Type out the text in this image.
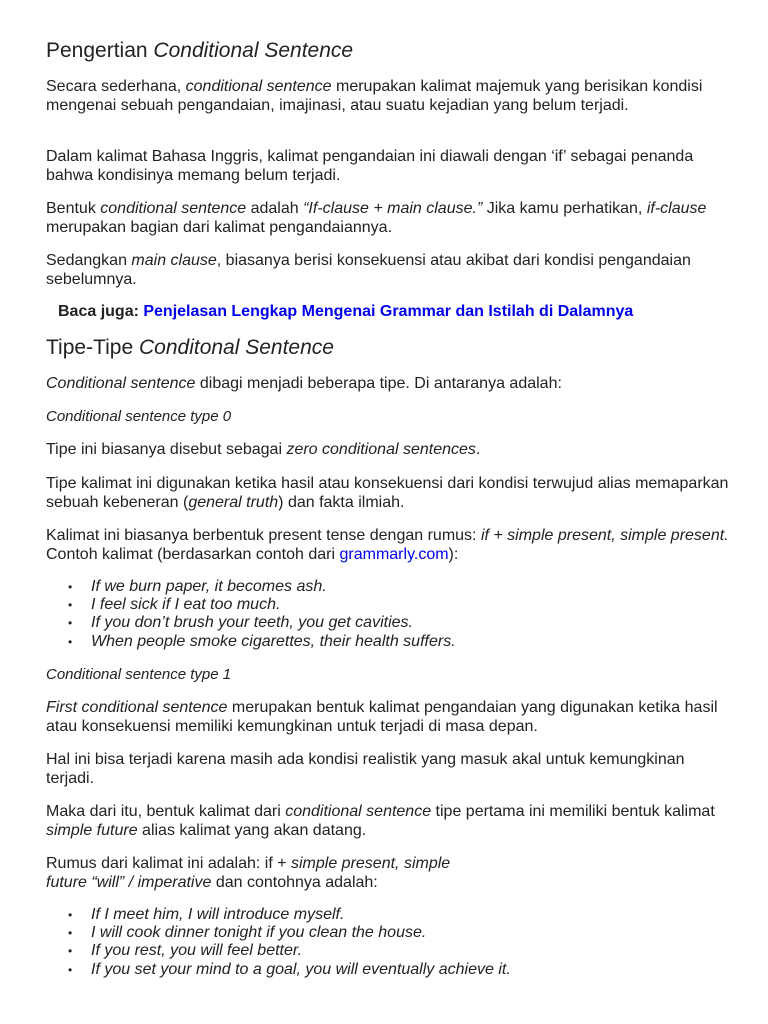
Pengertian Conditional Sentence

Secara sederhana, conditional sentence merupakan kalimat majemuk yang berisikan kondisi mengenai sebuah pengandaian, imajinasi, atau suatu kejadian yang belum terjadi.

Dalam kalimat Bahasa Inggris, kalimat pengandaian ini diawali dengan ‘if’ sebagai penanda bahwa kondisinya memang belum terjadi.

Bentuk conditional sentence adalah “If-clause + main clause.” Jika kamu perhatikan, if-clause merupakan bagian dari kalimat pengandaiannya.

Sedangkan main clause, biasanya berisi konsekuensi atau akibat dari kondisi pengandaian sebelumnya.

Baca juga: Penjelasan Lengkap Mengenai Grammar dan Istilah di Dalamnya
Tipe-Tipe Conditonal Sentence

Conditional sentence dibagi menjadi beberapa tipe. Di antaranya adalah:

Conditional sentence type 0

Tipe ini biasanya disebut sebagai zero conditional sentences.

Tipe kalimat ini digunakan ketika hasil atau konsekuensi dari kondisi terwujud alias memaparkan sebuah kebeneran (general truth) dan fakta ilmiah.

Kalimat ini biasanya berbentuk present tense dengan rumus: if + simple present, simple present. Contoh kalimat (berdasarkan contoh dari grammarly.com):

• If we burn paper, it becomes ash.
• I feel sick if I eat too much.
• If you don’t brush your teeth, you get cavities.
• When people smoke cigarettes, their health suffers.

Conditional sentence type 1

First conditional sentence merupakan bentuk kalimat pengandaian yang digunakan ketika hasil atau konsekuensi memiliki kemungkinan untuk terjadi di masa depan.

Hal ini bisa terjadi karena masih ada kondisi realistik yang masuk akal untuk kemungkinan terjadi.

Maka dari itu, bentuk kalimat dari conditional sentence tipe pertama ini memiliki bentuk kalimat simple future alias kalimat yang akan datang.

Rumus dari kalimat ini adalah: if + simple present, simple
future “will” / imperative dan contohnya adalah:

• If I meet him, I will introduce myself.
• I will cook dinner tonight if you clean the house.
• If you rest, you will feel better.
• If you set your mind to a goal, you will eventually achieve it.
